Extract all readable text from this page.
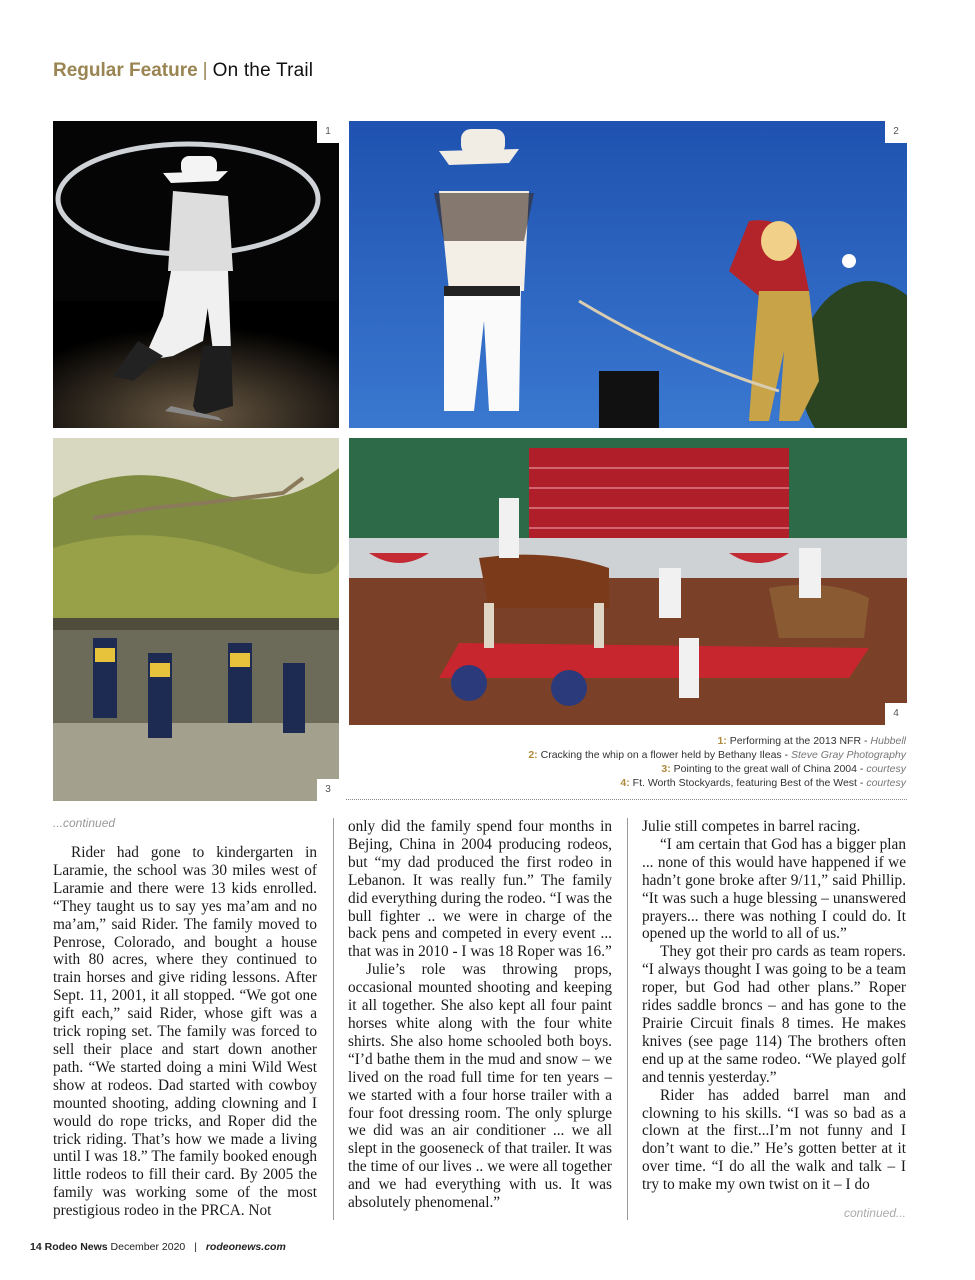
Regular Feature | On the Trail
1	2
3
4
1: Performing at the 2013 NFR - Hubbell
2: Cracking the whip on a flower held by Bethany Ileas - Steve Gray Photography
3: Pointing to the great wall of China 2004 - courtesy
4: Ft. Worth Stockyards, featuring Best of the West - courtesy
...continued

Rider had gone to kindergarten in Laramie, the school was 30 miles west of Laramie and there were 13 kids enrolled. “They taught us to say yes ma’am and no ma’am,” said Rider. The family moved to Penrose, Colorado, and bought a house with 80 acres, where they continued to train horses and give riding lessons. After Sept. 11, 2001, it all stopped. “We got one gift each,” said Rider, whose gift was a trick roping set. The family was forced to sell their place and start down another path. “We started doing a mini Wild West show at rodeos. Dad started with cowboy mounted shooting, adding clowning and I would do rope tricks, and Roper did the trick riding. That’s how we made a living until I was 18.” The family booked enough little rodeos to fill their card. By 2005 the family was working some of the most prestigious rodeo in the PRCA. Not

only did the family spend four months in Bejing, China in 2004 producing rodeos, but “my dad produced the first rodeo in Lebanon. It was really fun.” The family did everything during the rodeo. “I was the bull fighter .. we were in charge of the back pens and competed in every event ... that was in 2010 - I was 18 Roper was 16.”

Julie’s role was throwing props, occasional mounted shooting and keeping it all together. She also kept all four paint horses white along with the four white shirts. She also home schooled both boys. “I’d bathe them in the mud and snow – we lived on the road full time for ten years – we started with a four horse trailer with a four foot dressing room. The only splurge we did was an air conditioner ... we all slept in the gooseneck of that trailer. It was the time of our lives .. we were all together and we had everything with us. It was absolutely phenomenal.”

Julie still competes in barrel racing.

“I am certain that God has a bigger plan ... none of this would have happened if we hadn’t gone broke after 9/11,” said Phillip. “It was such a huge blessing – unanswered prayers... there was nothing I could do. It opened up the world to all of us.”

They got their pro cards as team ropers. “I always thought I was going to be a team roper, but God had other plans.” Roper rides saddle broncs – and has gone to the Prairie Circuit finals 8 times. He makes knives (see page 114) The brothers often end up at the same rodeo. “We played golf and tennis yesterday.”

Rider has added barrel man and clowning to his skills. “I was so bad as a clown at the first...I’m not funny and I don’t want to die.” He’s gotten better at it over time. “I do all the walk and talk – I try to make my own twist on it – I do

continued...
14 Rodeo News December 2020 | rodeonews.com
